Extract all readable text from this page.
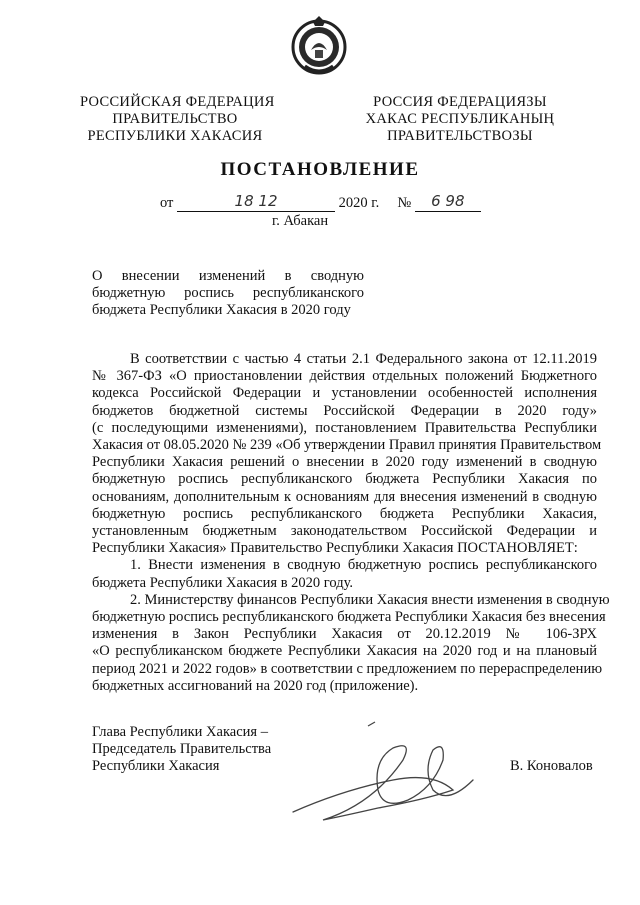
РОССИЙСКАЯ ФЕДЕРАЦИЯ
ПРАВИТЕЛЬСТВО
РЕСПУБЛИКИ ХАКАСИЯ
РОССИЯ ФЕДЕРАЦИЯЗЫ
ХАКАС РЕСПУБЛИКАНЫҢ
ПРАВИТЕЛЬСТВОЗЫ
ПОСТАНОВЛЕНИЕ
от	18 12	2020 г. № 6 98
г. Абакан
О внесении изменений в сводную
бюджетную роспись республиканского
бюджета Республики Хакасия в 2020 году

В соответствии с частью 4 статьи 2.1 Федерального закона от 12.11.2019
№ 367-ФЗ «О приостановлении действия отдельных положений Бюджетного
кодекса Российской Федерации и установлении особенностей исполнения
бюджетов бюджетной системы Российской Федерации в 2020 году»
(с последующими изменениями), постановлением Правительства Республики
Хакасия от 08.05.2020 № 239 «Об утверждении Правил принятия Правительством
Республики Хакасия решений о внесении в 2020 году изменений в сводную
бюджетную роспись республиканского бюджета Республики Хакасия по
основаниям, дополнительным к основаниям для внесения изменений в сводную
бюджетную роспись республиканского бюджета Республики Хакасия,
установленным бюджетным законодательством Российской Федерации и
Республики Хакасия» Правительство Республики Хакасия ПОСТАНОВЛЯЕТ:

1. Внести изменения в сводную бюджетную роспись республиканского
бюджета Республики Хакасия в 2020 году.

2. Министерству финансов Республики Хакасия внести изменения в сводную
бюджетную роспись республиканского бюджета Республики Хакасия без внесения
изменения в Закон Республики Хакасия от 20.12.2019 № 106-ЗРХ
«О республиканском бюджете Республики Хакасия на 2020 год и на плановый
период 2021 и 2022 годов» в соответствии с предложением по перераспределению
бюджетных ассигнований на 2020 год (приложение).

Глава Республики Хакасия –
Председатель Правительства
Республики Хакасия	В. Коновалов
